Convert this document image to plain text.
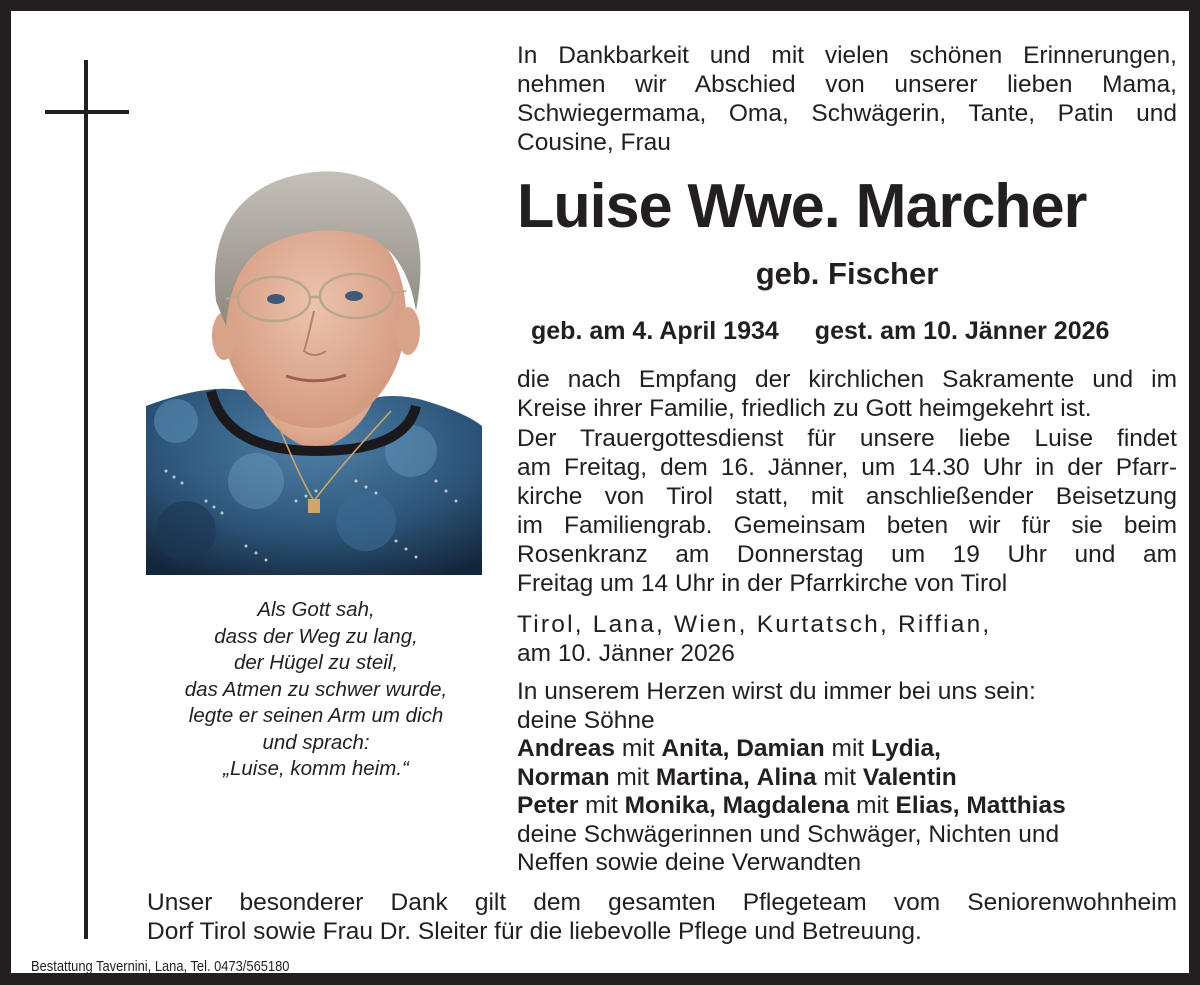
Als Gott sah,
dass der Weg zu lang,
der Hügel zu steil,
das Atmen zu schwer wurde,
legte er seinen Arm um dich
und sprach:
„Luise, komm heim.“
In Dankbarkeit und mit vielen schönen Erinnerungen,
nehmen wir Abschied von unserer lieben Mama,
Schwiegermama, Oma, Schwägerin, Tante, Patin und
Cousine, Frau
Luise Wwe. Marcher
geb. Fischer
geb. am 4. April 1934 gest. am 10. Jänner 2026
die nach Empfang der kirchlichen Sakramente und im
Kreise ihrer Familie, friedlich zu Gott heimgekehrt ist.
Der Trauergottesdienst für unsere liebe Luise findet
am Freitag, dem 16. Jänner, um 14.30 Uhr in der Pfarr-
kirche von Tirol statt, mit anschließender Beisetzung
im Familiengrab. Gemeinsam beten wir für sie beim
Rosenkranz am Donnerstag um 19 Uhr und am
Freitag um 14 Uhr in der Pfarrkirche von Tirol
Tirol, Lana, Wien, Kurtatsch, Riffian,
am 10. Jänner 2026
In unserem Herzen wirst du immer bei uns sein:
deine Söhne
Andreas mit Anita, Damian mit Lydia,
Norman mit Martina, Alina mit Valentin
Peter mit Monika, Magdalena mit Elias, Matthias
deine Schwägerinnen und Schwäger, Nichten und
Neffen sowie deine Verwandten
Unser besonderer Dank gilt dem gesamten Pflegeteam vom Seniorenwohnheim
Dorf Tirol sowie Frau Dr. Sleiter für die liebevolle Pflege und Betreuung.
Bestattung Tavernini, Lana, Tel. 0473/565180
